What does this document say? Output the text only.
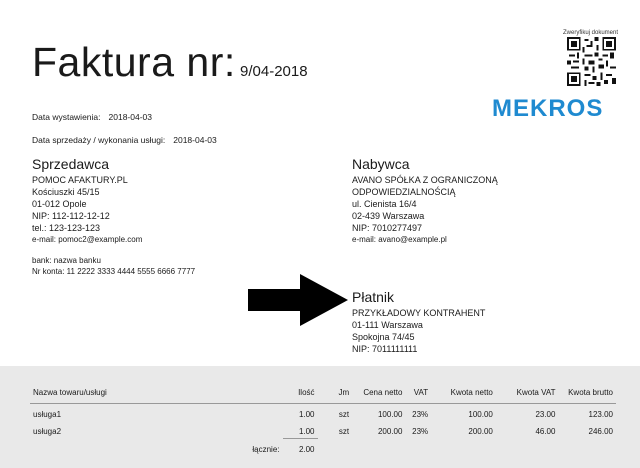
Faktura nr: 9/04-2018
Zweryfikuj dokument
MEKROS
Data wystawienia: 2018-04-03
Data sprzedaży / wykonania usługi: 2018-04-03
Sprzedawca
POMOC AFAKTURY.PL
Kościuszki 45/15
01-012 Opole
NIP: 112-112-12-12
tel.: 123-123-123
e-mail: pomoc2@example.com
bank: nazwa banku
Nr konta: 11 2222 3333 4444 5555 6666 7777
Nabywca
AVANO SPÓŁKA Z OGRANICZONĄ
ODPOWIEDZIALNOŚCIĄ
ul. Cienista 16/4
02-439 Warszawa
NIP: 7010277497
e-mail: avano@example.pl
Płatnik
PRZYKŁADOWY KONTRAHENT
01-111 Warszawa
Spokojna 74/45
NIP: 7011111111
Nazwa towaru/usługi	Ilość	Jm	Cena netto	VAT	Kwota netto	Kwota VAT	Kwota brutto
usługa1	1.00	szt	100.00	23%	100.00	23.00	123.00
usługa2	1.00	szt	200.00	23%	200.00	46.00	246.00
łącznie:	2.00						
